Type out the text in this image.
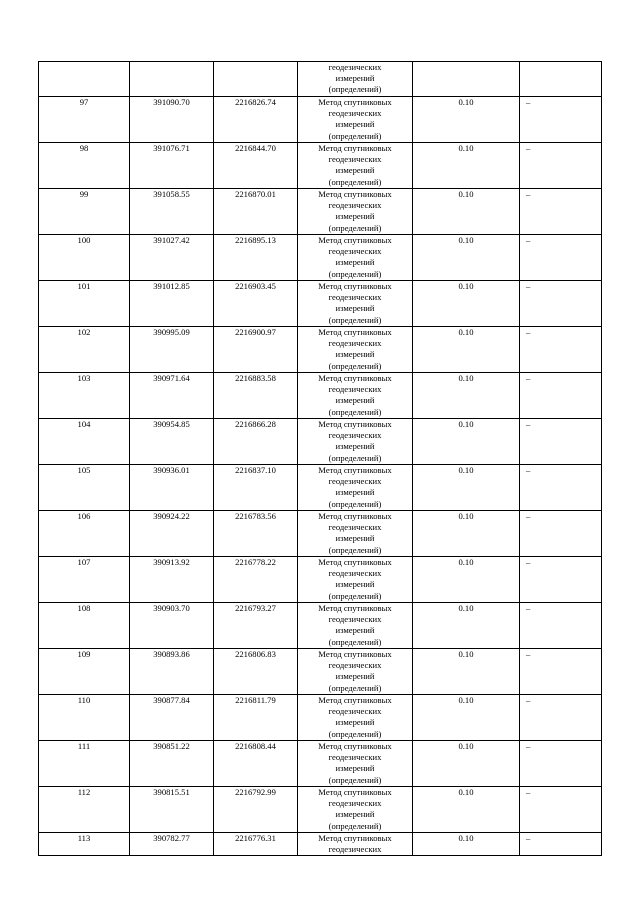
			геодезических
измерений
(определений)		

97	391090.70	2216826.74	Метод спутниковых
геодезических
измерений
(определений)	0.10	–
98	391076.71	2216844.70	Метод спутниковых
геодезических
измерений
(определений)	0.10	–
99	391058.55	2216870.01	Метод спутниковых
геодезических
измерений
(определений)	0.10	–
100	391027.42	2216895.13	Метод спутниковых
геодезических
измерений
(определений)	0.10	–
101	391012.85	2216903.45	Метод спутниковых
геодезических
измерений
(определений)	0.10	–
102	390995.09	2216900.97	Метод спутниковых
геодезических
измерений
(определений)	0.10	–
103	390971.64	2216883.58	Метод спутниковых
геодезических
измерений
(определений)	0.10	–
104	390954.85	2216866.28	Метод спутниковых
геодезических
измерений
(определений)	0.10	–
105	390936.01	2216837.10	Метод спутниковых
геодезических
измерений
(определений)	0.10	–
106	390924.22	2216783.56	Метод спутниковых
геодезических
измерений
(определений)	0.10	–
107	390913.92	2216778.22	Метод спутниковых
геодезических
измерений
(определений)	0.10	–
108	390903.70	2216793.27	Метод спутниковых
геодезических
измерений
(определений)	0.10	–
109	390893.86	2216806.83	Метод спутниковых
геодезических
измерений
(определений)	0.10	–
110	390877.84	2216811.79	Метод спутниковых
геодезических
измерений
(определений)	0.10	–
111	390851.22	2216808.44	Метод спутниковых
геодезических
измерений
(определений)	0.10	–
112	390815.51	2216792.99	Метод спутниковых
геодезических
измерений
(определений)	0.10	–
113	390782.77	2216776.31	Метод спутниковых
геодезических	0.10	–
